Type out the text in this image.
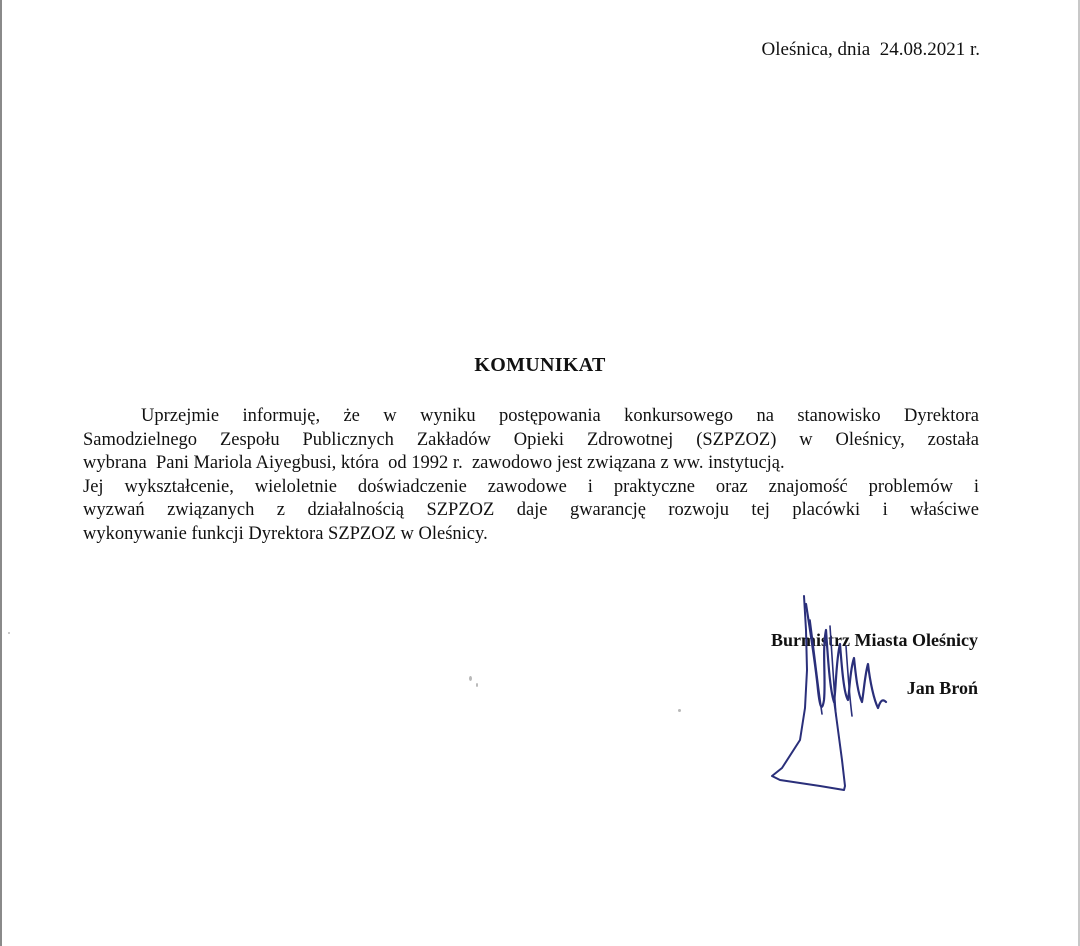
Oleśnica, dnia  24.08.2021 r.
KOMUNIKAT
Uprzejmie informuję, że w wyniku postępowania konkursowego na stanowisko Dyrektora
Samodzielnego Zespołu Publicznych Zakładów Opieki Zdrowotnej (SZPZOZ) w Oleśnicy, została
wybrana  Pani Mariola Aiyegbusi, która  od 1992 r.  zawodowo jest związana z ww. instytucją.
Jej wykształcenie, wieloletnie doświadczenie zawodowe i praktyczne oraz znajomość problemów i
wyzwań związanych z działalnością SZPZOZ daje gwarancję rozwoju tej placówki i właściwe
wykonywanie funkcji Dyrektora SZPZOZ w Oleśnicy.
Burmistrz Miasta Oleśnicy
Jan Broń
